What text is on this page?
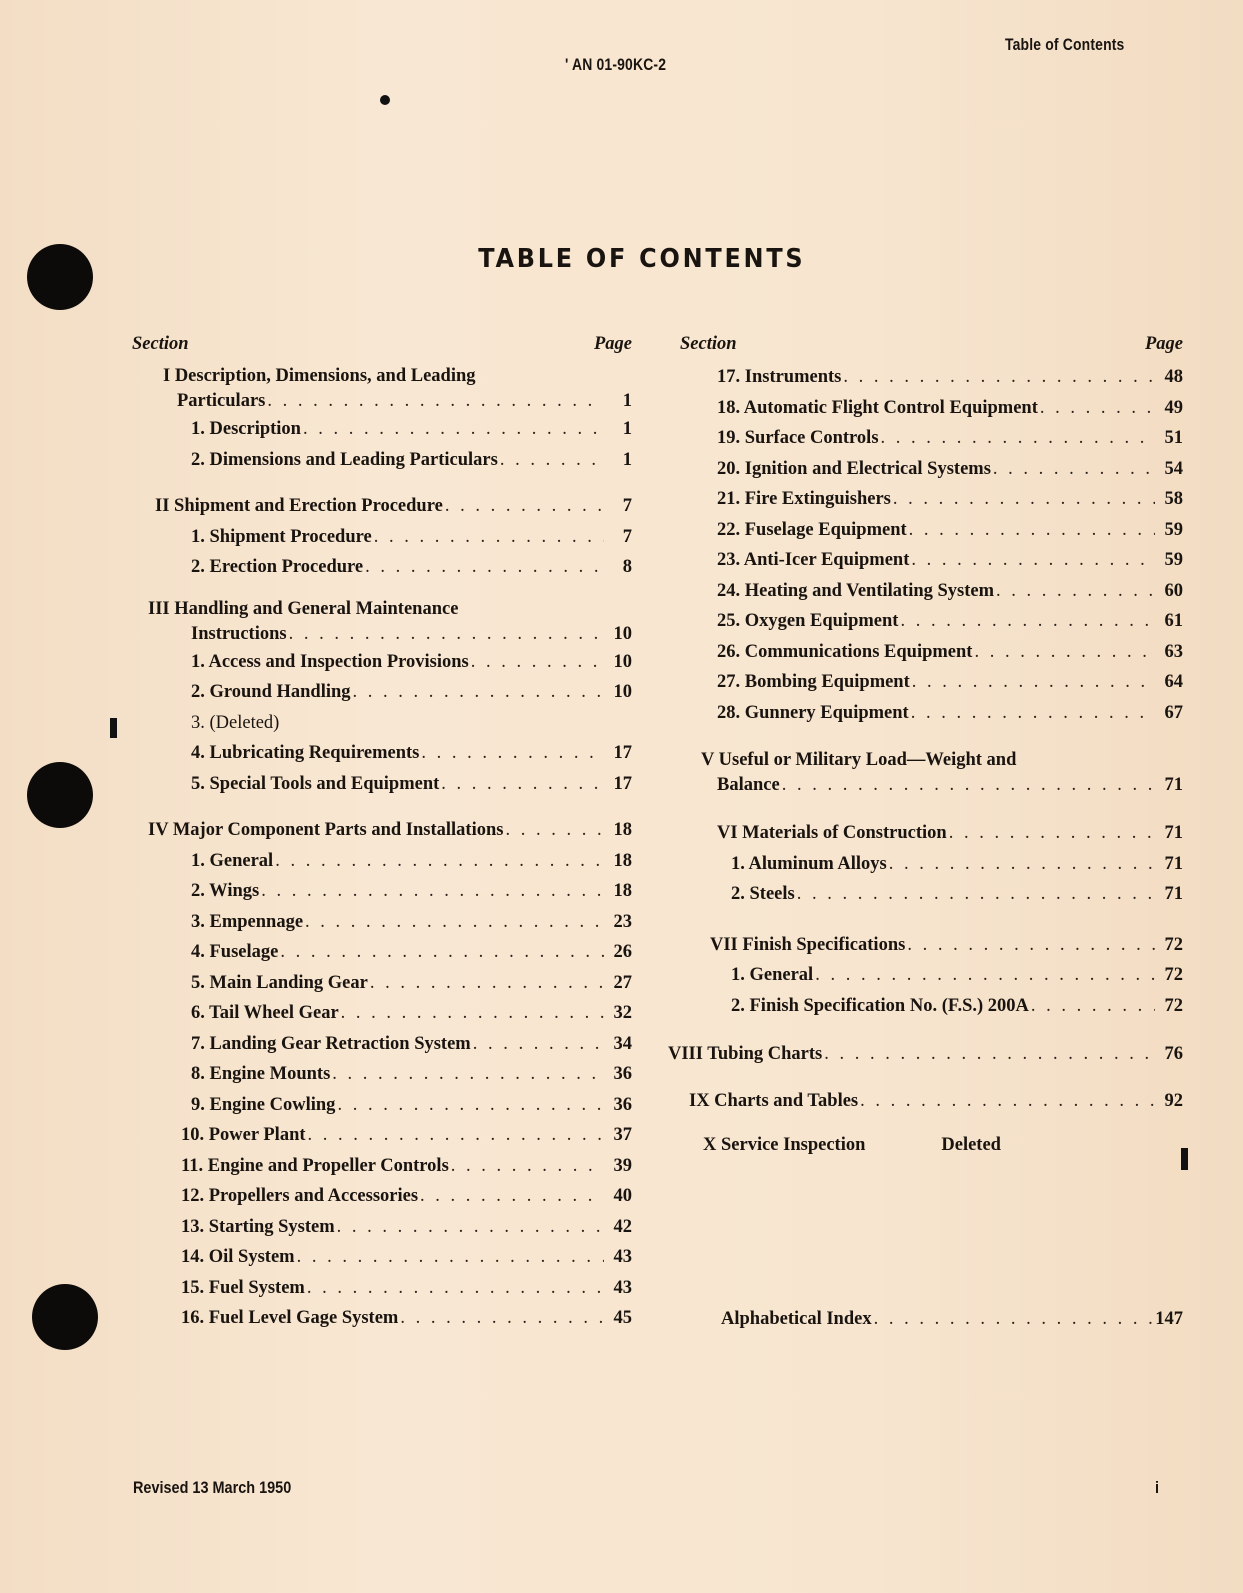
' AN 01-90KC-2
Table of Contents
TABLE OF CONTENTS
Section	Page
I Description, Dimensions, and Leading
Particulars . . .	1
1. Description . . .	1
2. Dimensions and Leading Particulars . . .	1
II Shipment and Erection Procedure . . .	7
1. Shipment Procedure . . .	7
2. Erection Procedure . . .	8
III Handling and General Maintenance
Instructions . . .	10
1. Access and Inspection Provisions . . .	10
2. Ground Handling . . .	10
3. (Deleted)
4. Lubricating Requirements . . .	17
5. Special Tools and Equipment . . .	17
IV Major Component Parts and Installations . . .	18
1. General . . .	18
2. Wings . . .	18
3. Empennage . . .	23
4. Fuselage . . .	26
5. Main Landing Gear . . .	27
6. Tail Wheel Gear . . .	32
7. Landing Gear Retraction System . . .	34
8. Engine Mounts . . .	36
9. Engine Cowling . . .	36
10. Power Plant . . .	37
11. Engine and Propeller Controls . . .	39
12. Propellers and Accessories . . .	40
13. Starting System . . .	42
14. Oil System . . .	43
15. Fuel System . . .	43
16. Fuel Level Gage System . . .	45
Section	Page
17. Instruments . . .	48
18. Automatic Flight Control Equipment . . .	49
19. Surface Controls . . .	51
20. Ignition and Electrical Systems . . .	54
21. Fire Extinguishers . . .	58
22. Fuselage Equipment . . .	59
23. Anti-Icer Equipment . . .	59
24. Heating and Ventilating System . . .	60
25. Oxygen Equipment . . .	61
26. Communications Equipment . . .	63
27. Bombing Equipment . . .	64
28. Gunnery Equipment . . .	67
V Useful or Military Load—Weight and
Balance . . .	71
VI Materials of Construction . . .	71
1. Aluminum Alloys . . .	71
2. Steels . . .	71
VII Finish Specifications . . .	72
1. General . . .	72
2. Finish Specification No. (F.S.) 200A . . .	72
VIII Tubing Charts . . .	76
IX Charts and Tables . . .	92
X Service Inspection	Deleted
Alphabetical Index . . .	147
Revised 13 March 1950	i
